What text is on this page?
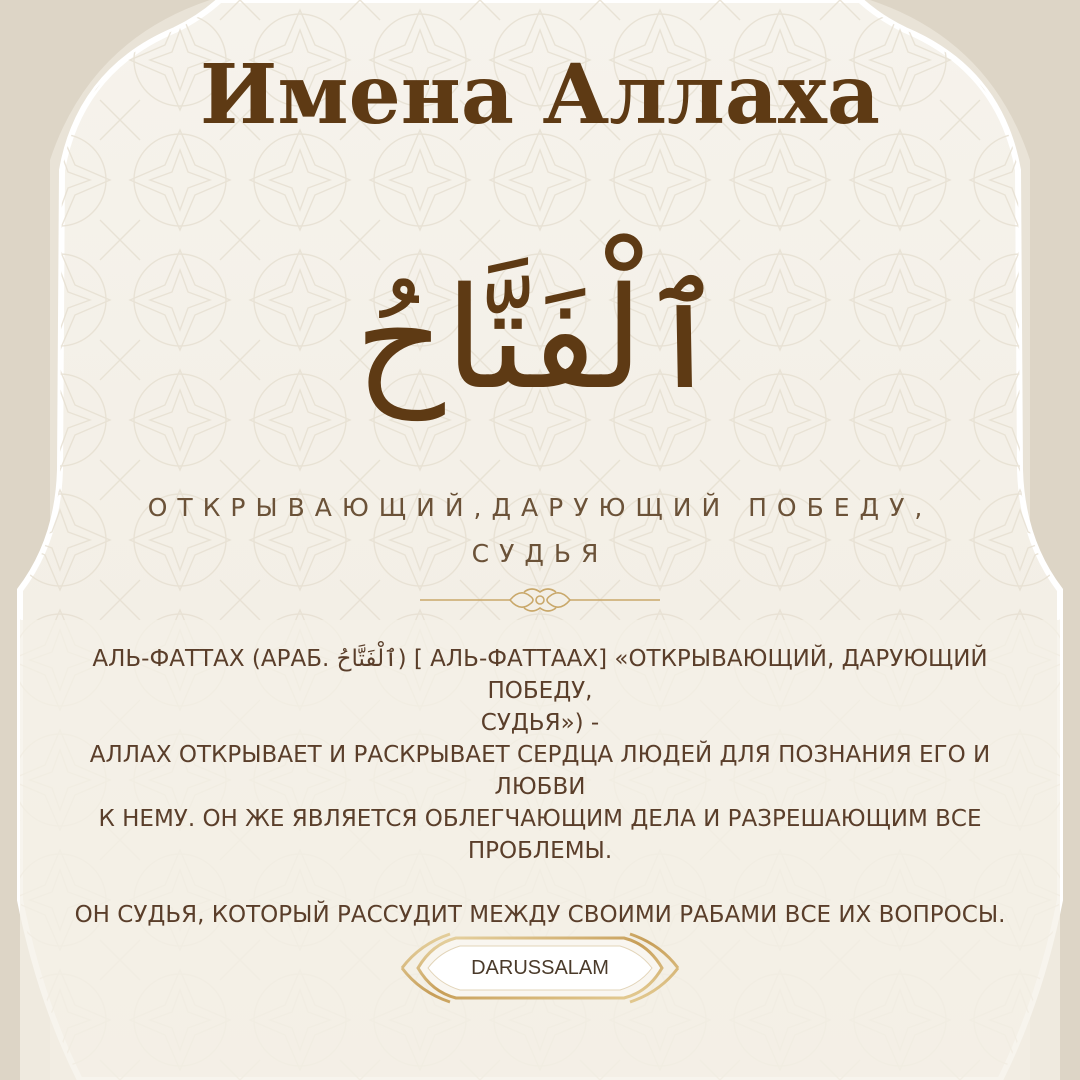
Имена Аллаха
ٱلْفَتَّاحُ
ОТКРЫВАЮЩИЙ,ДАРУЮЩИЙ ПОБЕДУ,
СУДЬЯ

АЛЬ-ФАТТАХ (АРАБ. ٱلْفَتَّاحُ) [ АЛЬ-ФАТТААХ] «ОТКРЫВАЮЩИЙ, ДАРУЮЩИЙ ПОБЕДУ,

СУДЬЯ») -

АЛЛАХ ОТКРЫВАЕТ И РАСКРЫВАЕТ СЕРДЦА ЛЮДЕЙ ДЛЯ ПОЗНАНИЯ ЕГО И ЛЮБВИ

К НЕМУ. ОН ЖЕ ЯВЛЯЕТСЯ ОБЛЕГЧАЮЩИМ ДЕЛА И РАЗРЕШАЮЩИМ ВСЕ

ПРОБЛЕМЫ.

ОН СУДЬЯ, КОТОРЫЙ РАССУДИТ МЕЖДУ СВОИМИ РАБАМИ ВСЕ ИХ ВОПРОСЫ.

DARUSSALAM
